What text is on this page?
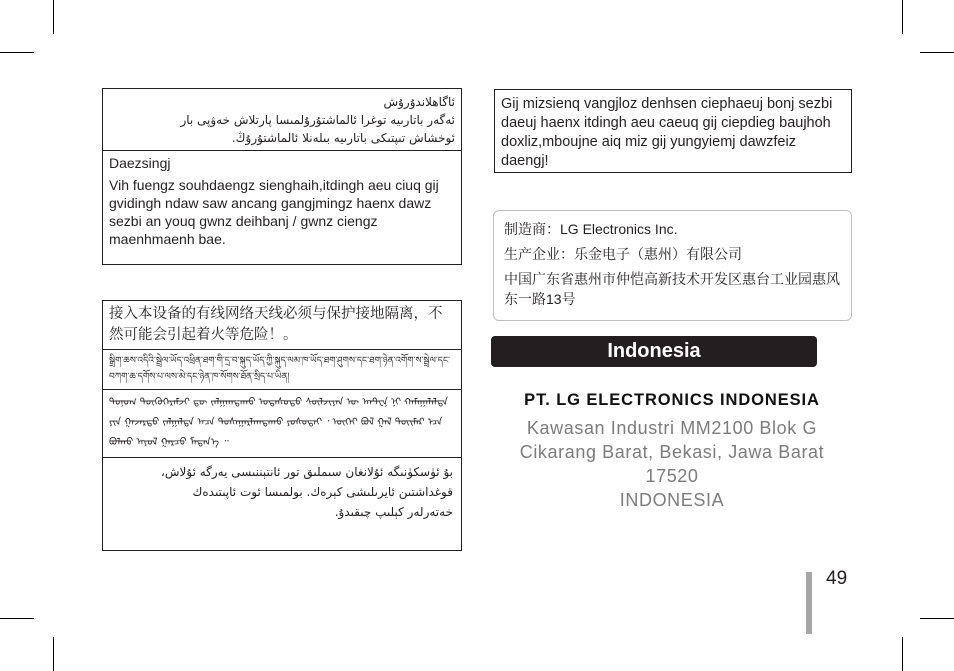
ئاگاھلاندۇرۇش
ئەگەر باتارىيە توغرا ئالماشتۇرۇلمىسا پارتلاش خەۋپى بار
ئوخشاش تىپتىكى باتارىيە بىلەنلا ئالماشتۇرۇڭ.
Daezsingj
Vih fuengz souhdaengz sienghaih,itdingh aeu ciuq gij gvidingh ndaw saw ancang gangjmingz haenx dawz sezbi an youq gwnz deihbanj / gwnz ciengz maenhmaenh bae.
接入本设备的有线网络天线必须与保护接地隔离，不然可能会引起着火等危险！。
སྒྲིག་ཆས་འདིའི་སྦྲེལ་ཡོད་འཕྲིན་ཐག་གི་དྲ་བ་སྐུད་ཡོད་ཀྱི་སྐུད་ལམ་ཁ་ཡོད་ཐག་ཤུགས་དང་ཐག་ཉེན་འགོག་ས་སྦྲེལ་དང་
བཀག་ཆ་དགོས་པ་ལས་མེ་དང་ཉེན་ཁ་སོགས་ཐོན་སྲིད་པ་ཡིན།
ᠲᠣᠨᠣᠭ ᠲᠥᠬᠥᠭᠡᠷᠡᠮᠵᠢ ᠳᠦ ᠵᠠᠯᠭᠠᠭᠳᠠᠬᠤ ᠤᠲᠠᠰᠤᠲᠤ ᠰᠦᠯᠵᠢᠶᠡᠨ ᠦ ᠠᠨᠲ᠋ᠧᠨ᠋ ᠨᠢ ᠬᠠᠮᠠᠭᠠᠯᠠᠯᠲᠠ ᠶᠢᠨ ᠭᠠᠵᠠᠷᠲᠤ ᠵᠠᠯᠭᠠᠯᠲᠠ ᠠᠴᠠ ᠲᠤᠰᠠᠭᠠᠷᠯᠠᠭᠳᠠᠬᠤ ᠶᠣᠰᠣᠲᠠᠢ ᠂ ᠦᠭᠡᠢ ᠪᠣᠯ ᠭᠠᠯ ᠲᠦᠢᠮᠡᠷ ᠡᠴᠡ ᠪᠣᠯᠬᠤ ᠠᠶᠤᠯ ᠭᠠᠷᠴᠤ ᠮᠡᠳᠡᠨ᠎ᠡ ᠃
بۇ ئۈسكۈنىگە ئۇلانغان سىملىق تور ئانتېننىسى يەرگە ئۇلاش،
قوغداشتىن ئايرىلىشى كېرەك. بولمىسا ئوت ئاپىتىدەك
خەتەرلەر كېلىپ چىقىدۇ.
Gij mizsienq vangjloz denhsen ciephaeuj bonj sezbi daeuj haenx itdingh aeu caeuq gij ciepdieg baujhoh doxliz,mboujne aiq miz gij yungyiemj dawzfeiz daengj!
制造商：LG Electronics Inc.
生产企业：乐金电子（惠州）有限公司
中国广东省惠州市仲恺高新技术开发区惠台工业园惠风东一路13号
Indonesia
PT. LG ELECTRONICS INDONESIA
Kawasan Industri MM2100 Blok G
Cikarang Barat, Bekasi, Jawa Barat 17520
INDONESIA
49
